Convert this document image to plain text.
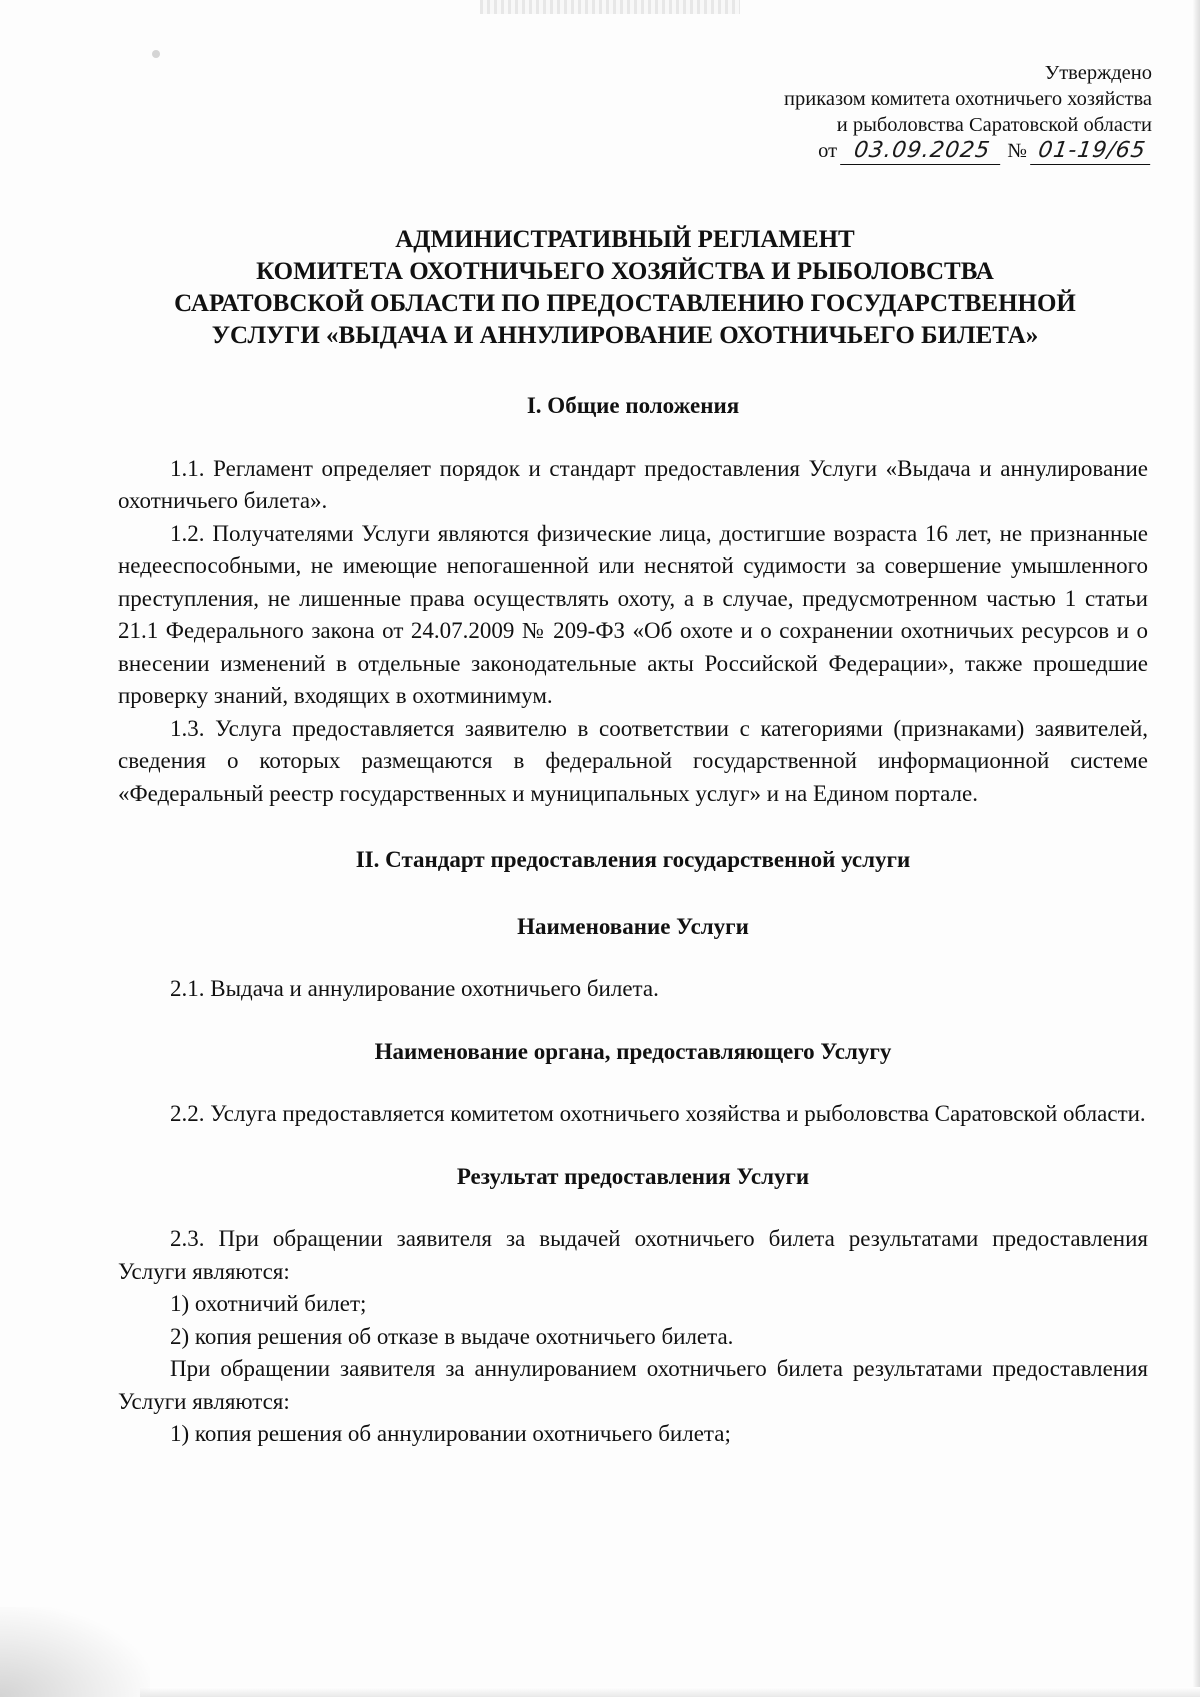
Утверждено
приказом комитета охотничьего хозяйства
и рыболовства Саратовской области
от 03.09.2025 № 01-19/65
АДМИНИСТРАТИВНЫЙ РЕГЛАМЕНТ
КОМИТЕТА ОХОТНИЧЬЕГО ХОЗЯЙСТВА И РЫБОЛОВСТВА
САРАТОВСКОЙ ОБЛАСТИ ПО ПРЕДОСТАВЛЕНИЮ ГОСУДАРСТВЕННОЙ
УСЛУГИ «ВЫДАЧА И АННУЛИРОВАНИЕ ОХОТНИЧЬЕГО БИЛЕТА»

I. Общие положения

1.1. Регламент определяет порядок и стандарт предоставления Услуги «Выдача и аннулирование охотничьего билета».

1.2. Получателями Услуги являются физические лица, достигшие возраста 16 лет, не признанные недееспособными, не имеющие непогашенной или неснятой судимости за совершение умышленного преступления, не лишенные права осуществлять охоту, а в случае, предусмотренном частью 1 статьи 21.1 Федерального закона от 24.07.2009 № 209-ФЗ «Об охоте и о сохранении охотничьих ресурсов и о внесении изменений в отдельные законодательные акты Российской Федерации», также прошедшие проверку знаний, входящих в охотминимум.

1.3. Услуга предоставляется заявителю в соответствии с категориями (признаками) заявителей, сведения о которых размещаются в федеральной государственной информационной системе «Федеральный реестр государственных и муниципальных услуг» и на Едином портале.

II. Стандарт предоставления государственной услуги

Наименование Услуги

2.1. Выдача и аннулирование охотничьего билета.

Наименование органа, предоставляющего Услугу

2.2. Услуга предоставляется комитетом охотничьего хозяйства и рыболовства Саратовской области.

Результат предоставления Услуги

2.3. При обращении заявителя за выдачей охотничьего билета результатами предоставления Услуги являются:

1) охотничий билет;

2) копия решения об отказе в выдаче охотничьего билета.

При обращении заявителя за аннулированием охотничьего билета результатами предоставления Услуги являются:

1) копия решения об аннулировании охотничьего билета;
